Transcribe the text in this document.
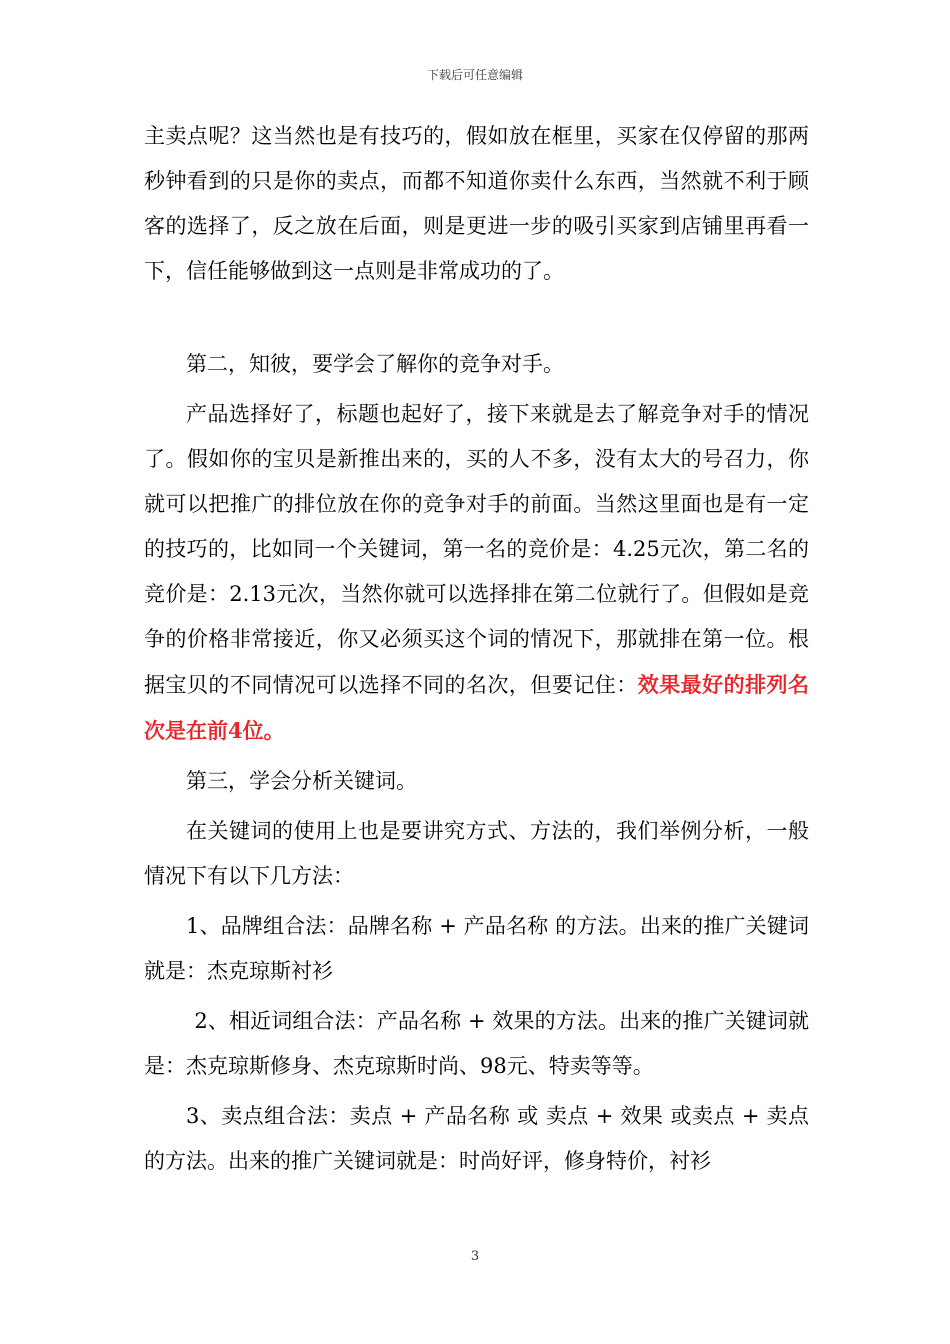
下载后可任意编辑

主卖点呢？这当然也是有技巧的，假如放在框里，买家在仅停留的那两秒钟看到的只是你的卖点，而都不知道你卖什么东西，当然就不利于顾客的选择了，反之放在后面，则是更进一步的吸引买家到店铺里再看一下，信任能够做到这一点则是非常成功的了。

第二，知彼，要学会了解你的竞争对手。

产品选择好了，标题也起好了，接下来就是去了解竞争对手的情况了。假如你的宝贝是新推出来的，买的人不多，没有太大的号召力，你就可以把推广的排位放在你的竞争对手的前面。当然这里面也是有一定的技巧的，比如同一个关键词，第一名的竞价是：4.25元次，第二名的竞价是：2.13元次，当然你就可以选择排在第二位就行了。但假如是竞争的价格非常接近，你又必须买这个词的情况下，那就排在第一位。根据宝贝的不同情况可以选择不同的名次，但要记住：效果最好的排列名次是在前4位。

第三，学会分析关键词。

在关键词的使用上也是要讲究方式、方法的，我们举例分析，一般情况下有以下几方法：

1、品牌组合法：品牌名称 + 产品名称 的方法。出来的推广关键词就是：杰克琼斯衬衫

2、相近词组合法：产品名称 + 效果的方法。出来的推广关键词就是：杰克琼斯修身、杰克琼斯时尚、98元、特卖等等。

3、卖点组合法：卖点 + 产品名称 或 卖点 + 效果 或卖点 + 卖点的方法。出来的推广关键词就是：时尚好评，修身特价，衬衫

3
